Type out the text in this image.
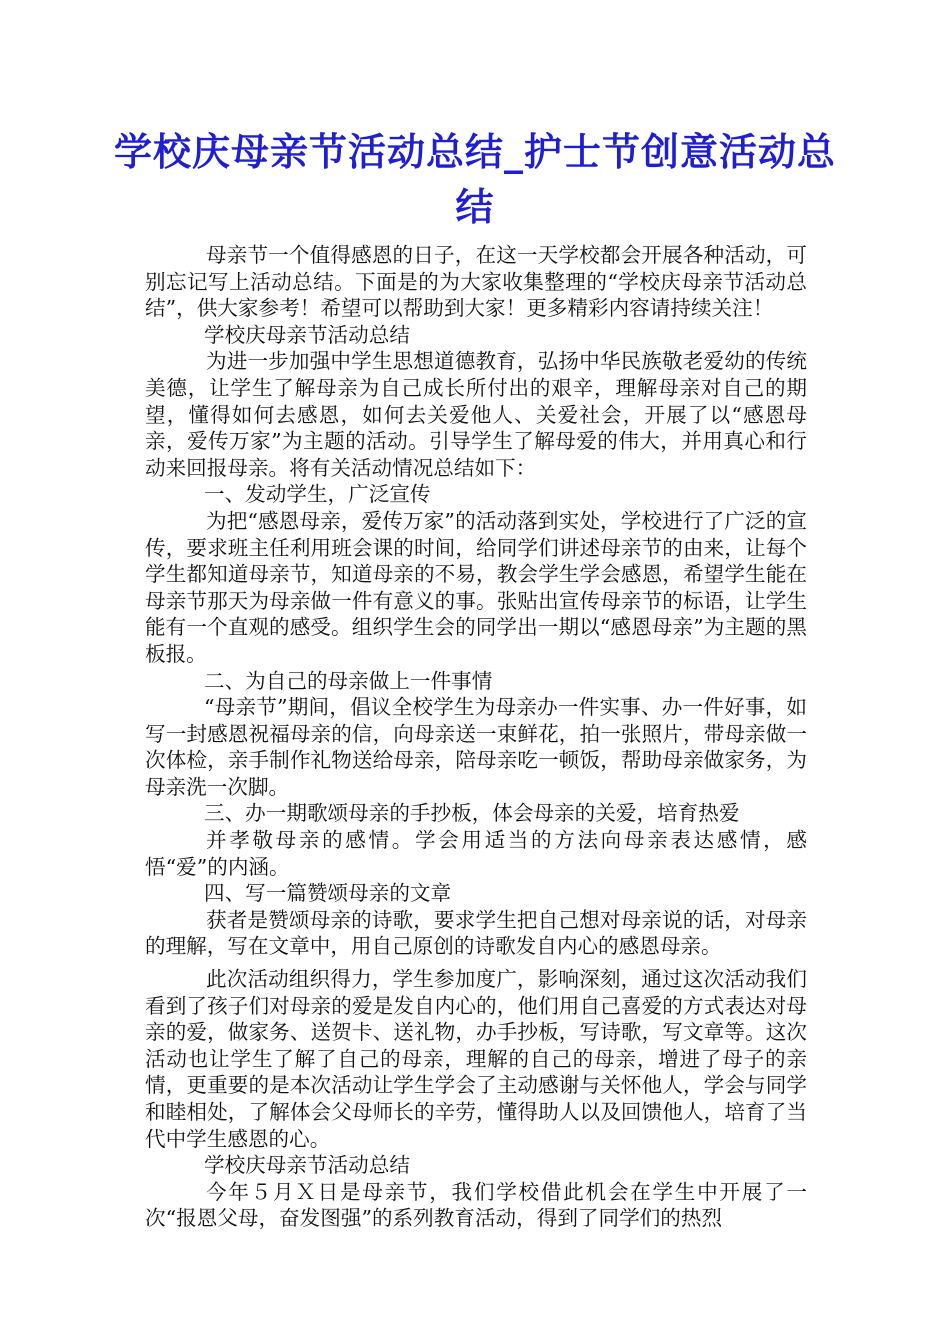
学校庆母亲节活动总结_护士节创意活动总结

母亲节一个值得感恩的日子，在这一天学校都会开展各种活动，可别忘记写上活动总结。下面是的为大家收集整理的“学校庆母亲节活动总结”，供大家参考！希望可以帮助到大家！更多精彩内容请持续关注！

学校庆母亲节活动总结

为进一步加强中学生思想道德教育，弘扬中华民族敬老爱幼的传统美德，让学生了解母亲为自己成长所付出的艰辛，理解母亲对自己的期望，懂得如何去感恩，如何去关爱他人、关爱社会，开展了以“感恩母亲，爱传万家”为主题的活动。引导学生了解母爱的伟大，并用真心和行动来回报母亲。将有关活动情况总结如下：

一、发动学生，广泛宣传

为把“感恩母亲，爱传万家”的活动落到实处，学校进行了广泛的宣传，要求班主任利用班会课的时间，给同学们讲述母亲节的由来，让每个学生都知道母亲节，知道母亲的不易，教会学生学会感恩，希望学生能在母亲节那天为母亲做一件有意义的事。张贴出宣传母亲节的标语，让学生能有一个直观的感受。组织学生会的同学出一期以“感恩母亲”为主题的黑板报。

二、为自己的母亲做上一件事情

“母亲节”期间，倡议全校学生为母亲办一件实事、办一件好事，如写一封感恩祝福母亲的信，向母亲送一束鲜花，拍一张照片，带母亲做一次体检，亲手制作礼物送给母亲，陪母亲吃一顿饭，帮助母亲做家务，为母亲洗一次脚。

三、办一期歌颂母亲的手抄板，体会母亲的关爱，培育热爱

并孝敬母亲的感情。学会用适当的方法向母亲表达感情，感悟“爱”的内涵。

四、写一篇赞颂母亲的文章

获者是赞颂母亲的诗歌，要求学生把自己想对母亲说的话，对母亲的理解，写在文章中，用自己原创的诗歌发自内心的感恩母亲。

此次活动组织得力，学生参加度广，影响深刻，通过这次活动我们看到了孩子们对母亲的爱是发自内心的，他们用自己喜爱的方式表达对母亲的爱，做家务、送贺卡、送礼物，办手抄板，写诗歌，写文章等。这次活动也让学生了解了自己的母亲，理解的自己的母亲，增进了母子的亲情，更重要的是本次活动让学生学会了主动感谢与关怀他人，学会与同学和睦相处，了解体会父母师长的辛劳，懂得助人以及回馈他人，培育了当代中学生感恩的心。

学校庆母亲节活动总结

今年５月Ｘ日是母亲节，我们学校借此机会在学生中开展了一次“报恩父母，奋发图强”的系列教育活动，得到了同学们的热烈
